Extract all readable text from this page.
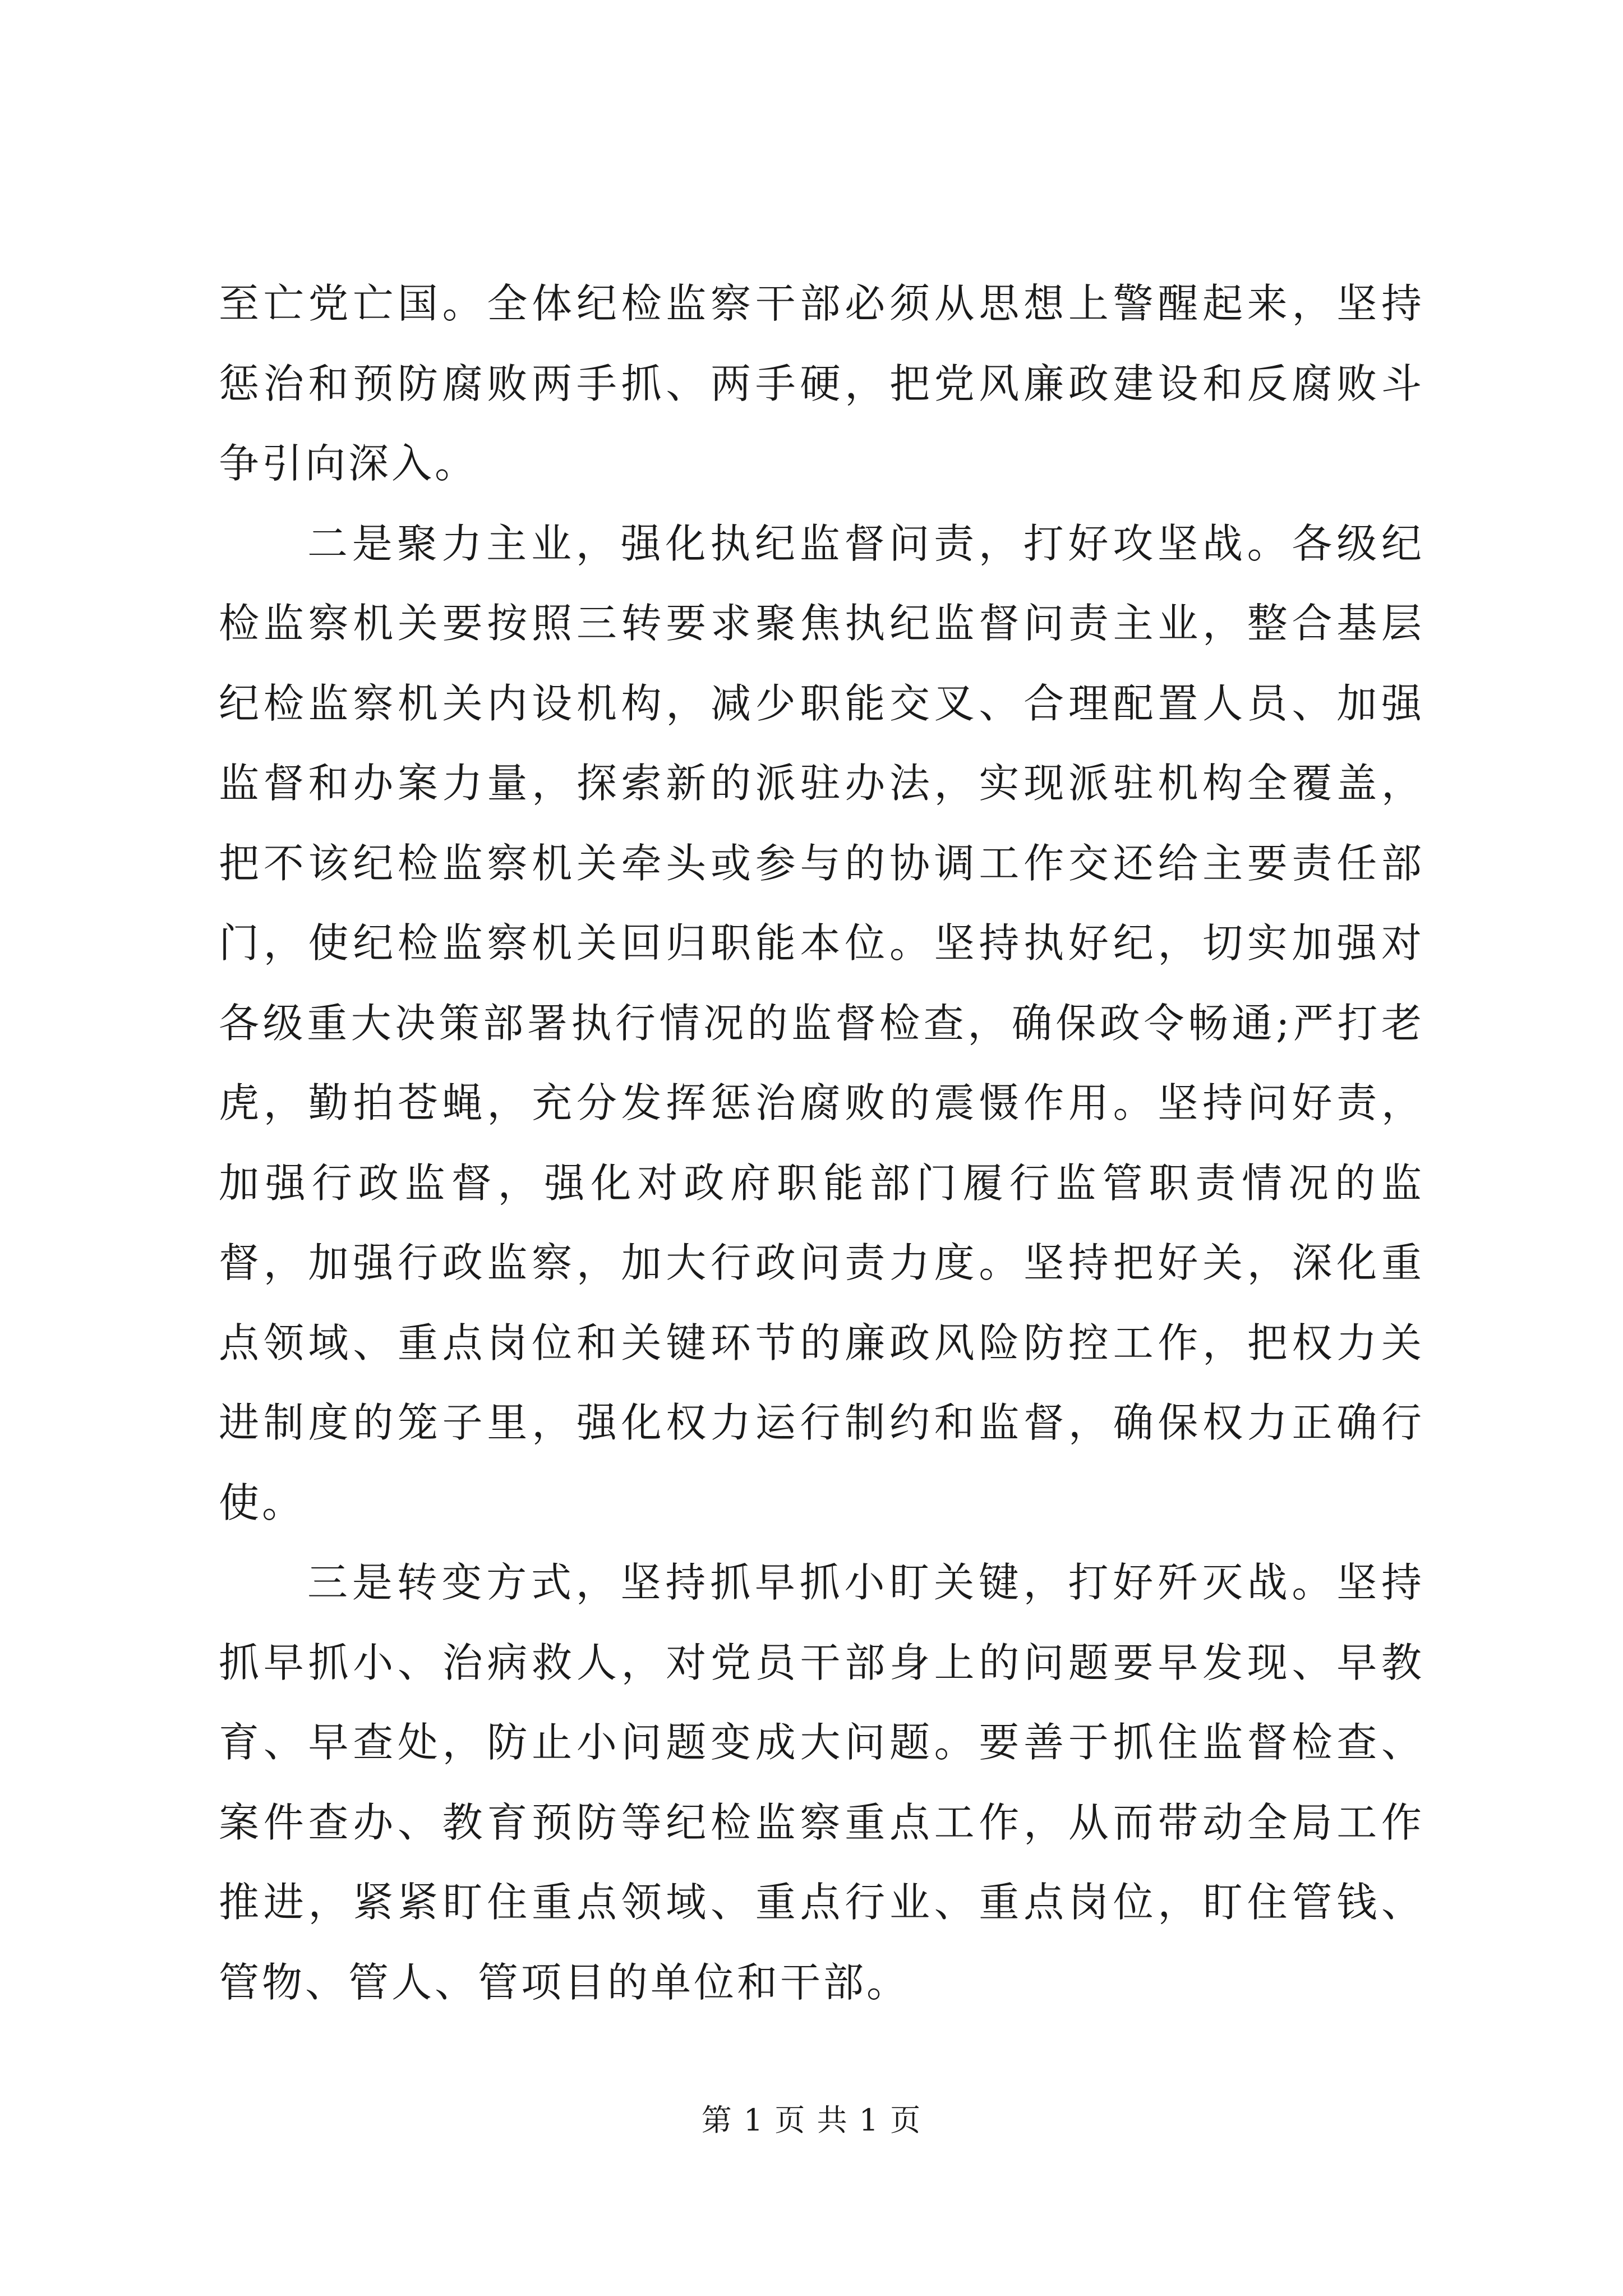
至亡党亡国。全体纪检监察干部必须从思想上警醒起来，坚持惩治和预防腐败两手抓、两手硬，把党风廉政建设和反腐败斗争引向深入。

二是聚力主业，强化执纪监督问责，打好攻坚战。各级纪检监察机关要按照三转要求聚焦执纪监督问责主业，整合基层纪检监察机关内设机构，减少职能交叉、合理配置人员、加强监督和办案力量，探索新的派驻办法，实现派驻机构全覆盖，把不该纪检监察机关牵头或参与的协调工作交还给主要责任部门，使纪检监察机关回归职能本位。坚持执好纪，切实加强对各级重大决策部署执行情况的监督检查，确保政令畅通;严打老虎，勤拍苍蝇，充分发挥惩治腐败的震慑作用。坚持问好责，加强行政监督，强化对政府职能部门履行监管职责情况的监督，加强行政监察，加大行政问责力度。坚持把好关，深化重点领域、重点岗位和关键环节的廉政风险防控工作，把权力关进制度的笼子里，强化权力运行制约和监督，确保权力正确行使。

三是转变方式，坚持抓早抓小盯关键，打好歼灭战。坚持抓早抓小、治病救人，对党员干部身上的问题要早发现、早教育、早查处，防止小问题变成大问题。要善于抓住监督检查、案件查办、教育预防等纪检监察重点工作，从而带动全局工作推进，紧紧盯住重点领域、重点行业、重点岗位，盯住管钱、管物、管人、管项目的单位和干部。

第 1 页 共 1 页
